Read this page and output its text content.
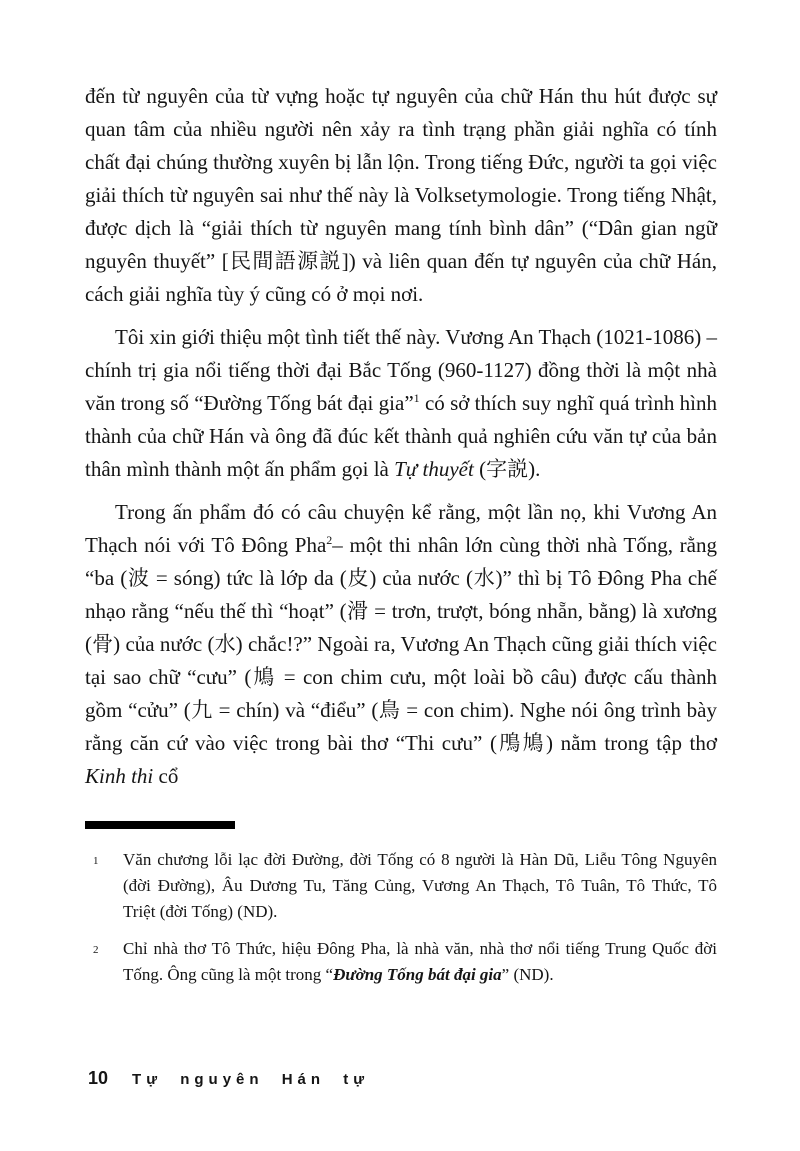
đến từ nguyên của từ vựng hoặc tự nguyên của chữ Hán thu hút được sự quan tâm của nhiều người nên xảy ra tình trạng phần giải nghĩa có tính chất đại chúng thường xuyên bị lẫn lộn. Trong tiếng Đức, người ta gọi việc giải thích từ nguyên sai như thế này là Volksetymologie. Trong tiếng Nhật, được dịch là “giải thích từ nguyên mang tính bình dân” (“Dân gian ngữ nguyên thuyết” [民間語源説]) và liên quan đến tự nguyên của chữ Hán, cách giải nghĩa tùy ý cũng có ở mọi nơi.

Tôi xin giới thiệu một tình tiết thế này. Vương An Thạch (1021-1086) –chính trị gia nổi tiếng thời đại Bắc Tống (960-1127) đồng thời là một nhà văn trong số “Đường Tống bát đại gia”$^1$ có sở thích suy nghĩ quá trình hình thành của chữ Hán và ông đã đúc kết thành quả nghiên cứu văn tự của bản thân mình thành một ấn phẩm gọi là Tự thuyết (字説).

Trong ấn phẩm đó có câu chuyện kể rằng, một lần nọ, khi Vương An Thạch nói với Tô Đông Pha$^2$– một thi nhân lớn cùng thời nhà Tống, rằng “ba (波 = sóng) tức là lớp da (皮) của nước (水)” thì bị Tô Đông Pha chế nhạo rằng “nếu thế thì “hoạt” (滑 = trơn, trượt, bóng nhẵn, bằng) là xương (骨) của nước (水) chắc!?” Ngoài ra, Vương An Thạch cũng giải thích việc tại sao chữ “cưu” (鳩 = con chim cưu, một loài bồ câu) được cấu thành gồm “cửu” (九 = chín) và “điểu” (鳥 = con chim). Nghe nói ông trình bày rằng căn cứ vào việc trong bài thơ “Thi cưu” (鳲鳩) nằm trong tập thơ Kinh thi cổ

1 Văn chương lỗi lạc đời Đường, đời Tống có 8 người là Hàn Dũ, Liễu Tông Nguyên (đời Đường), Âu Dương Tu, Tăng Củng, Vương An Thạch, Tô Tuân, Tô Thức, Tô Triệt (đời Tống) (ND).
2 Chỉ nhà thơ Tô Thức, hiệu Đông Pha, là nhà văn, nhà thơ nổi tiếng Trung Quốc đời Tống. Ông cũng là một trong “Đường Tống bát đại gia” (ND).
10 Tự nguyên Hán tự
